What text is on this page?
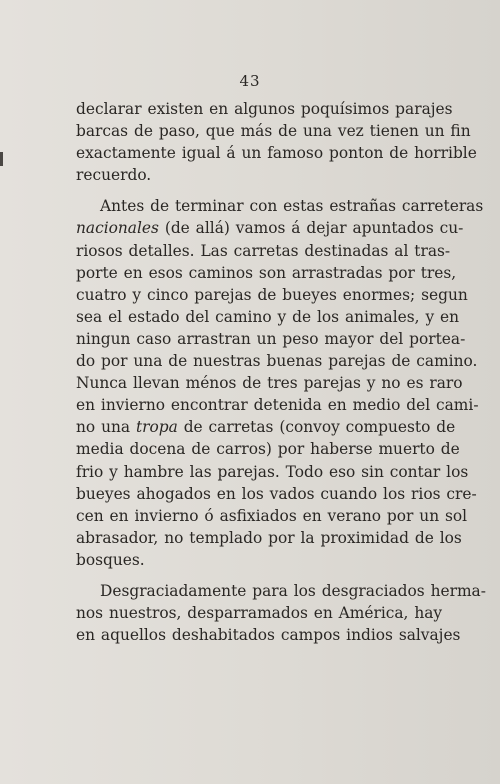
43
declarar existen en algunos poquísimos parajes
barcas de paso, que más de una vez tienen un fin
exactamente igual á un famoso ponton de horrible
recuerdo.
Antes de terminar con estas estrañas carreteras
nacionales (de allá) vamos á dejar apuntados cu-
riosos detalles. Las carretas destinadas al tras-
porte en esos caminos son arrastradas por tres,
cuatro y cinco parejas de bueyes enormes; segun
sea el estado del camino y de los animales, y en
ningun caso arrastran un peso mayor del portea-
do por una de nuestras buenas parejas de camino.
Nunca llevan ménos de tres parejas y no es raro
en invierno encontrar detenida en medio del cami-
no una tropa de carretas (convoy compuesto de
media docena de carros) por haberse muerto de
frio y hambre las parejas. Todo eso sin contar los
bueyes ahogados en los vados cuando los rios cre-
cen en invierno ó asfixiados en verano por un sol
abrasador, no templado por la proximidad de los
bosques.
Desgraciadamente para los desgraciados herma-
nos nuestros, desparramados en América, hay
en aquellos deshabitados campos indios salvajes
